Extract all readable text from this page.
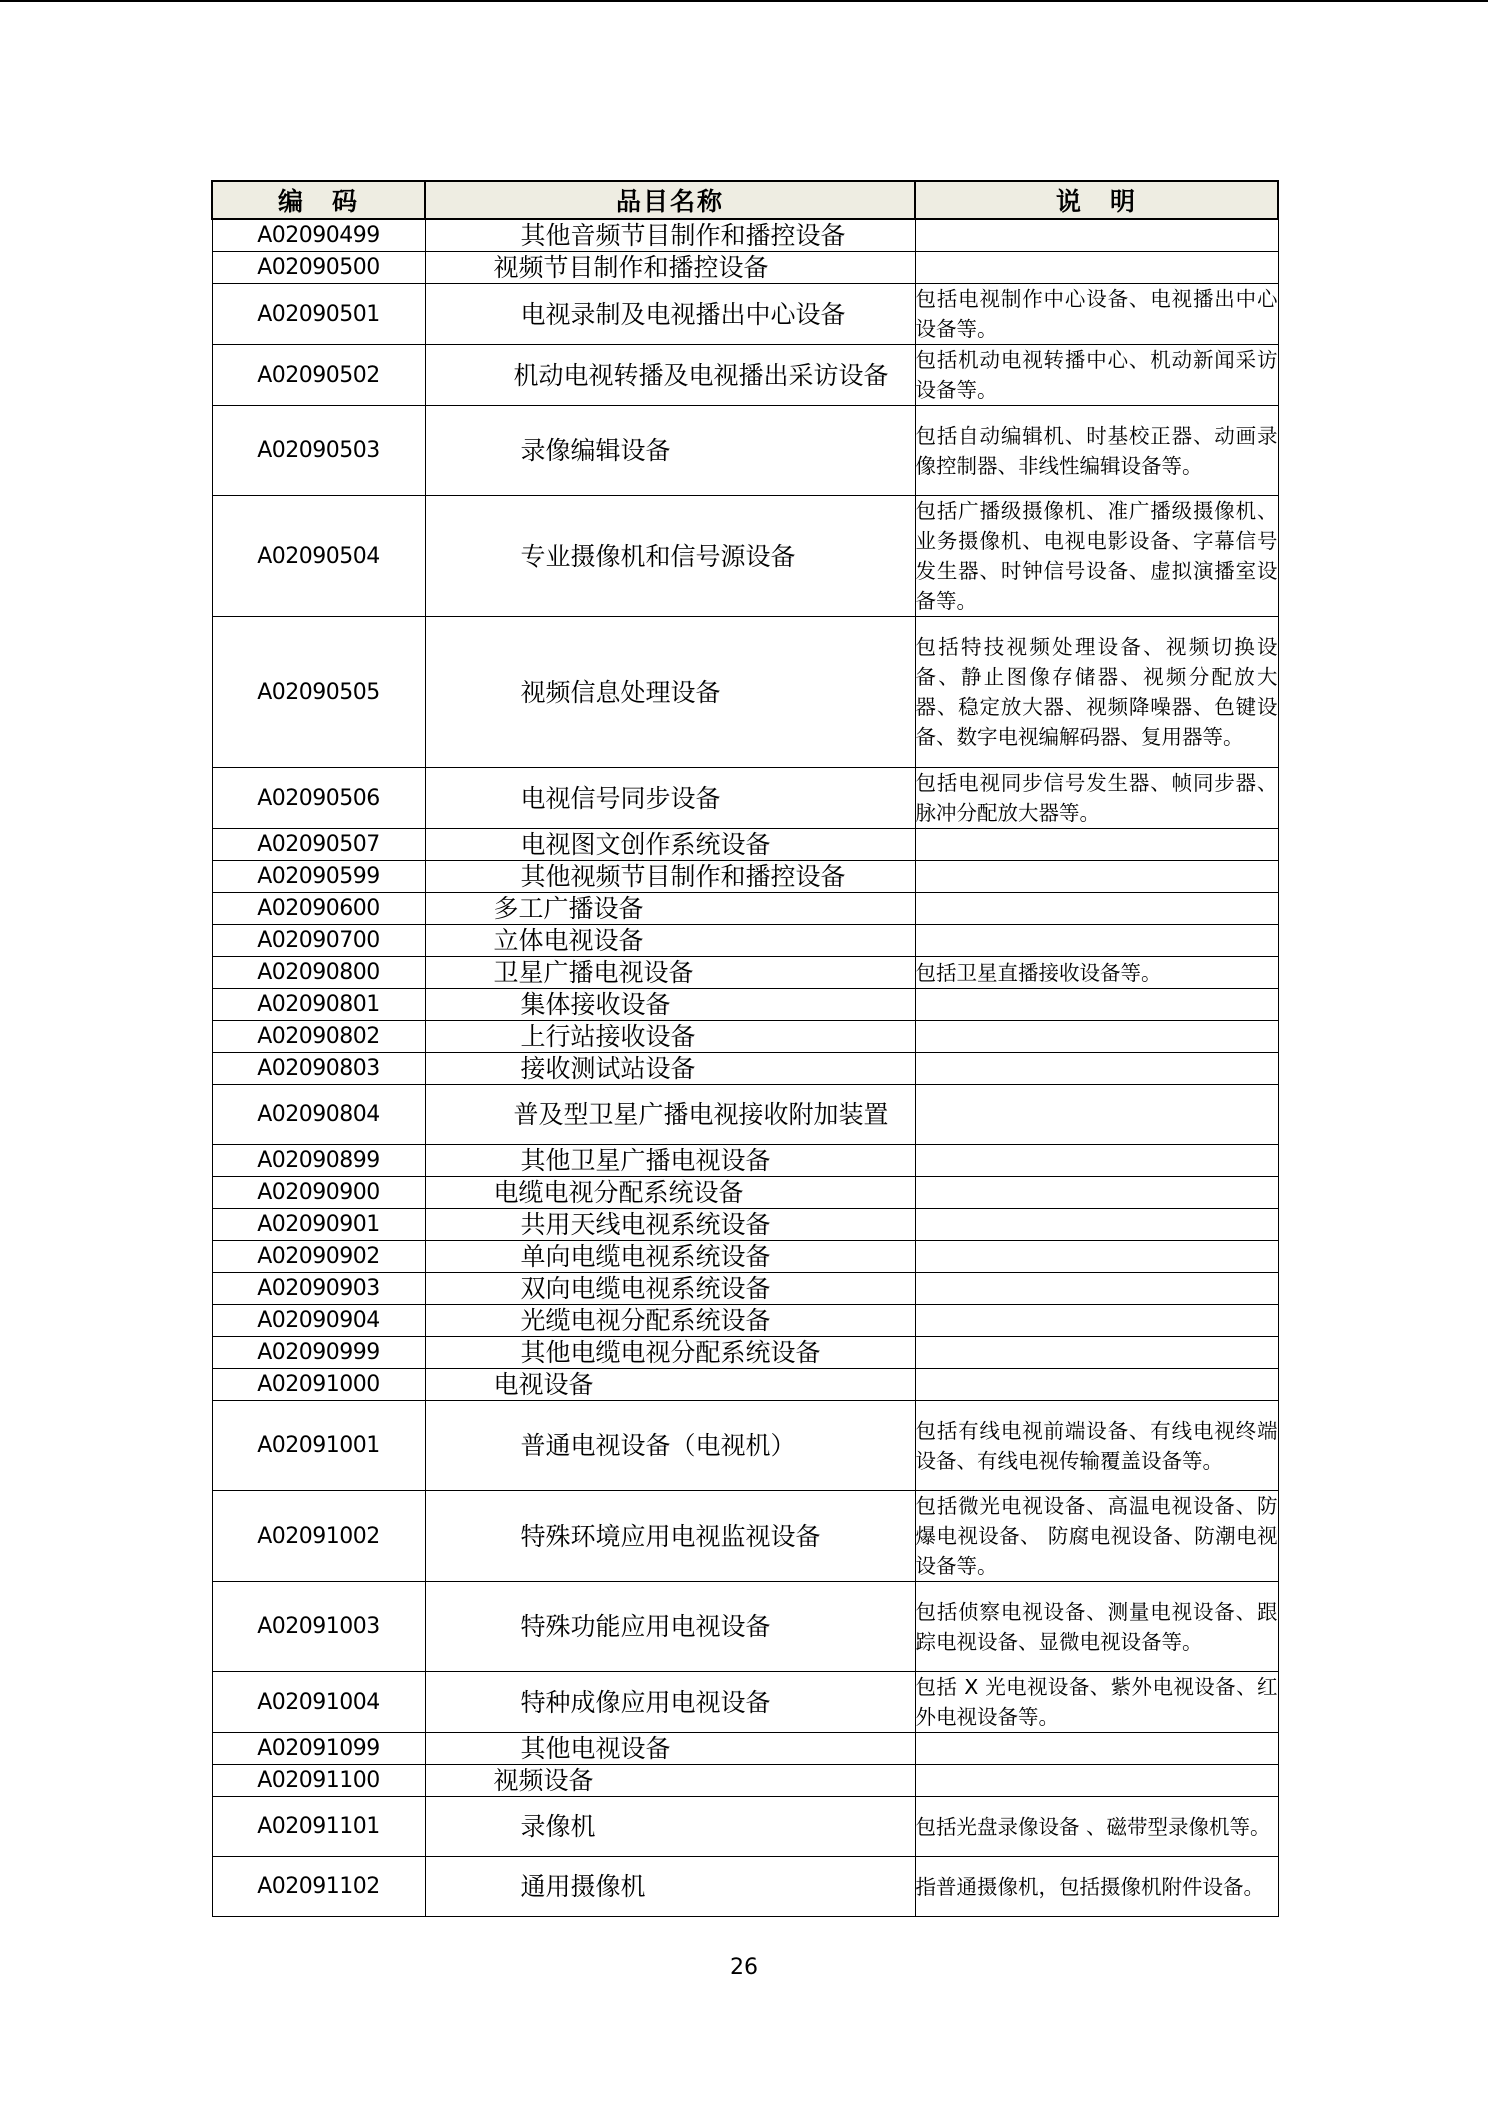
编　码	品目名称	说　明
A02090499	其他音频节目制作和播控设备	
A02090500	视频节目制作和播控设备	
A02090501	电视录制及电视播出中心设备	包括电视制作中心设备、电视播出中心设备等。
A02090502	机动电视转播及电视播出采访设备	包括机动电视转播中心、机动新闻采访设备等。
A02090503	录像编辑设备	包括自动编辑机、时基校正器、动画录像控制器、非线性编辑设备等。
A02090504	专业摄像机和信号源设备	包括广播级摄像机、准广播级摄像机、业务摄像机、电视电影设备、字幕信号发生器、时钟信号设备、虚拟演播室设备等。
A02090505	视频信息处理设备	包括特技视频处理设备、视频切换设备、静止图像存储器、视频分配放大器、稳定放大器、视频降噪器、色键设备、数字电视编解码器、复用器等。
A02090506	电视信号同步设备	包括电视同步信号发生器、帧同步器、脉冲分配放大器等。
A02090507	电视图文创作系统设备	
A02090599	其他视频节目制作和播控设备	
A02090600	多工广播设备	
A02090700	立体电视设备	
A02090800	卫星广播电视设备	包括卫星直播接收设备等。
A02090801	集体接收设备	
A02090802	上行站接收设备	
A02090803	接收测试站设备	
A02090804	普及型卫星广播电视接收附加装置	

A02090899	其他卫星广播电视设备	
A02090900	电缆电视分配系统设备	
A02090901	共用天线电视系统设备	
A02090902	单向电缆电视系统设备	
A02090903	双向电缆电视系统设备	
A02090904	光缆电视分配系统设备	
A02090999	其他电缆电视分配系统设备	
A02091000	电视设备	
A02091001	普通电视设备（电视机）	包括有线电视前端设备、有线电视终端设备、有线电视传输覆盖设备等。
A02091002	特殊环境应用电视监视设备	包括微光电视设备、高温电视设备、防爆电视设备、 防腐电视设备、防潮电视设备等。
A02091003	特殊功能应用电视设备	包括侦察电视设备、测量电视设备、跟踪电视设备、显微电视设备等。
A02091004	特种成像应用电视设备	包括 X 光电视设备、紫外电视设备、红外电视设备等。
A02091099	其他电视设备	
A02091100	视频设备	
A02091101	录像机	包括光盘录像设备 、磁带型录像机等。
A02091102	通用摄像机	指普通摄像机，包括摄像机附件设备。
26
